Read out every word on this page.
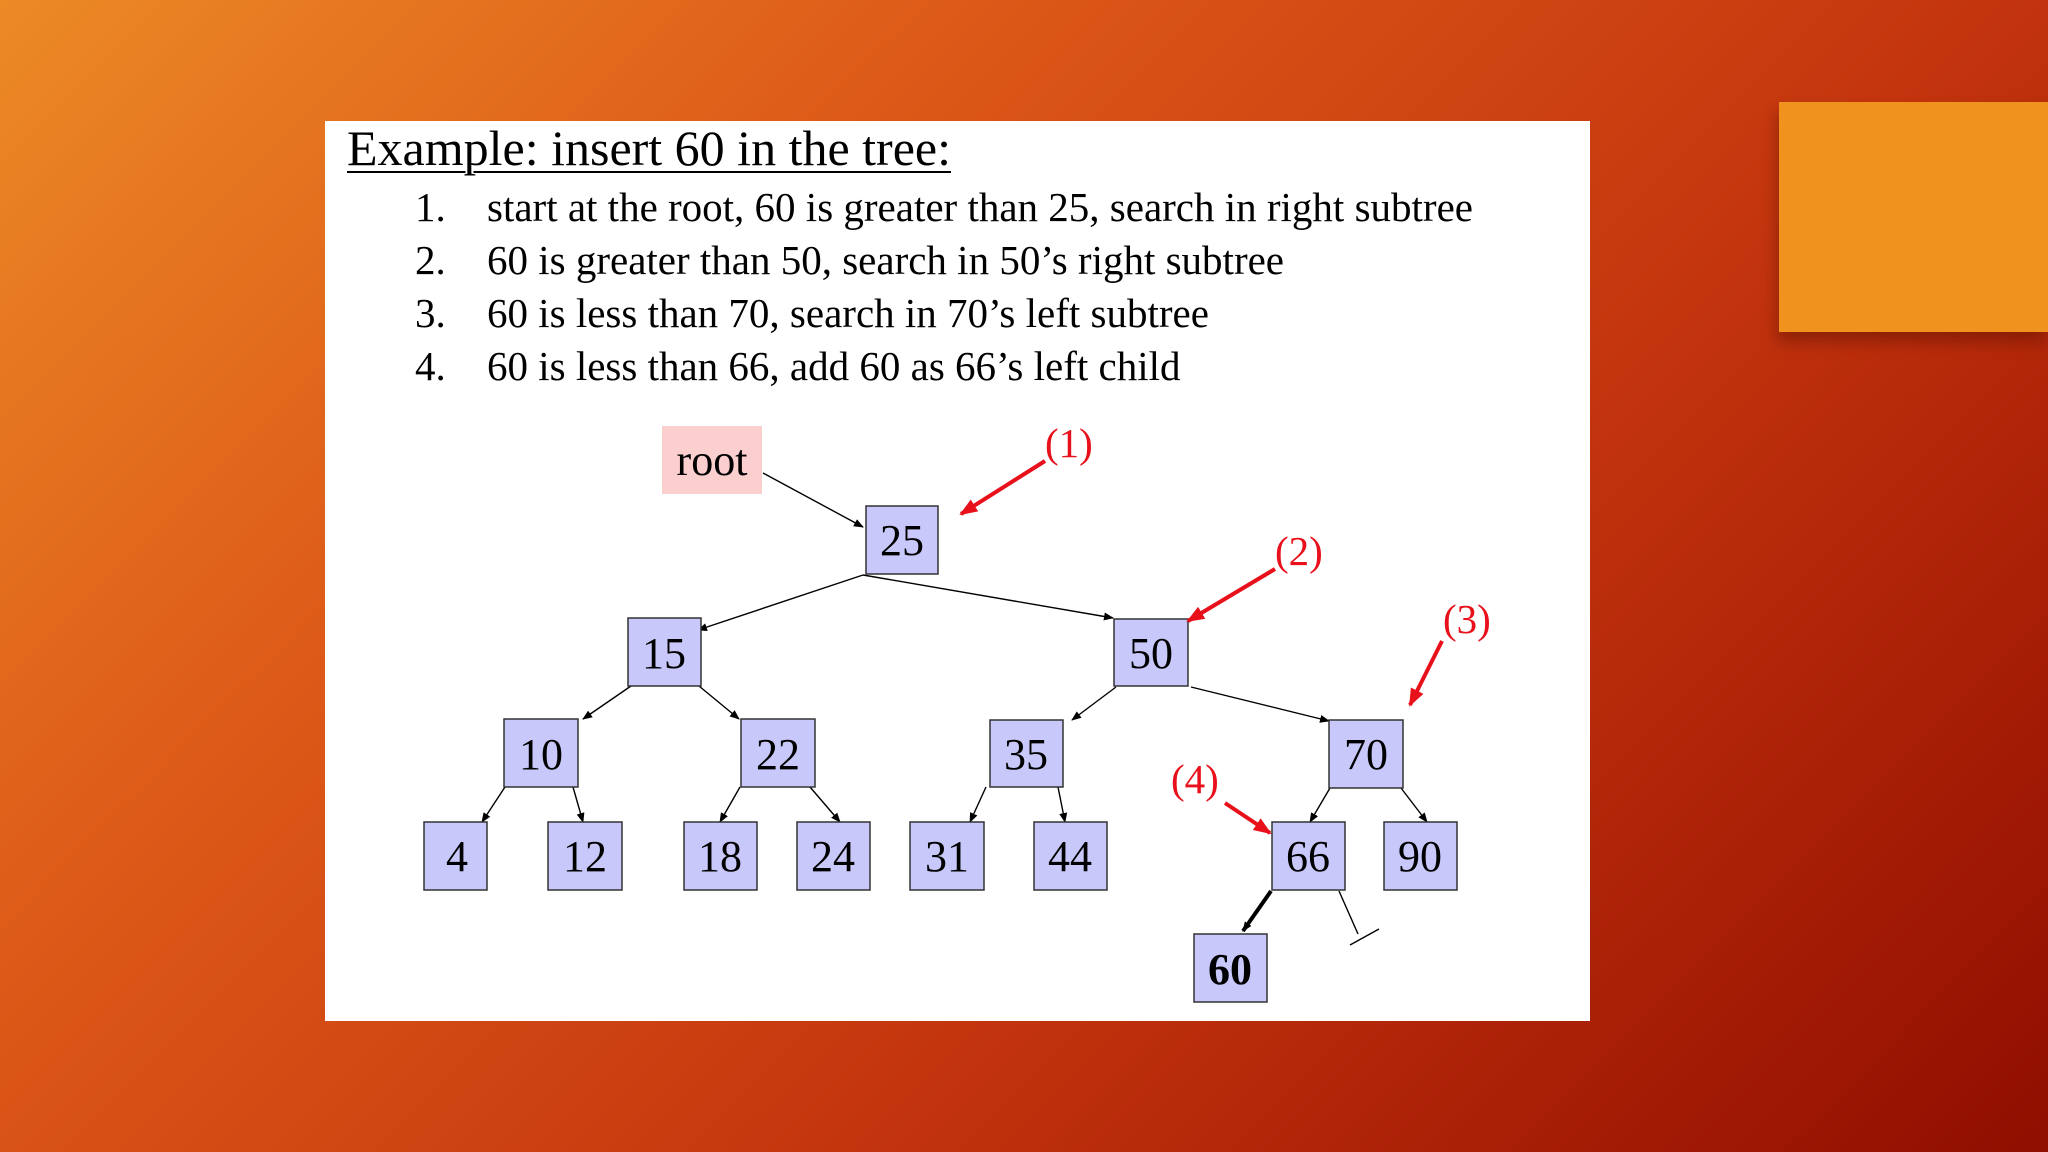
Example: insert 60 in the tree:
1. start at the root, 60 is greater than 25, search in right subtree
2. 60 is greater than 50, search in 50’s right subtree
3. 60 is less than 70, search in 70’s left subtree
4. 60 is less than 66, add 60 as 66’s left child
root
25
15	50
10	22	35	70
4 12 18 24 31 44	66 90
60
(1)
(2)
(3)
(4)
